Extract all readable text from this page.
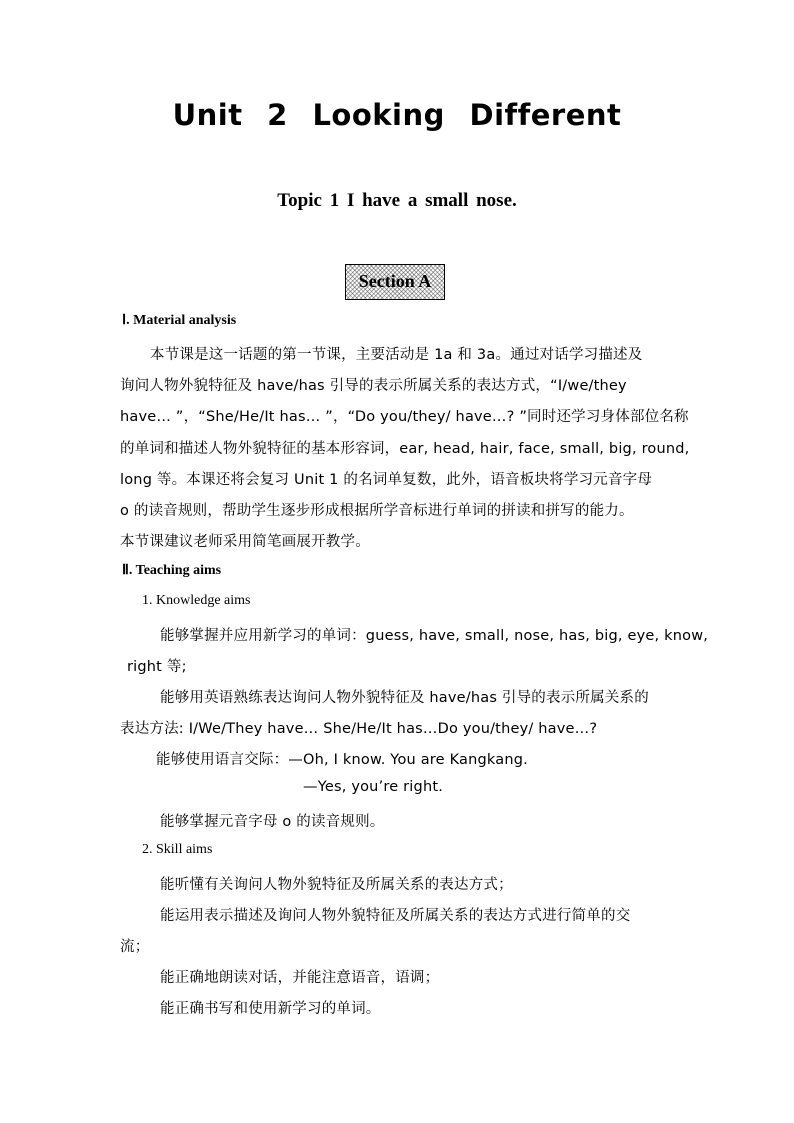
Unit 2 Looking Different
Topic 1 I have a small nose.
Section A
Ⅰ. Material analysis
本节课是这一话题的第一节课，主要活动是 1a 和 3a。通过对话学习描述及
询问人物外貌特征及 have/has 引导的表示所属关系的表达方式，“I/we/they
have… ”，“She/He/It has… ”，“Do you/they/ have…? ”同时还学习身体部位名称
的单词和描述人物外貌特征的基本形容词，ear, head, hair, face, small, big, round,
long 等。本课还将会复习 Unit 1 的名词单复数，此外，语音板块将学习元音字母
o 的读音规则，帮助学生逐步形成根据所学音标进行单词的拼读和拼写的能力。
本节课建议老师采用简笔画展开教学。
Ⅱ. Teaching aims
1. Knowledge aims
能够掌握并应用新学习的单词：guess, have, small, nose, has, big, eye, know,
right 等;
能够用英语熟练表达询问人物外貌特征及 have/has 引导的表示所属关系的
表达方法: I/We/They have… She/He/It has…Do you/they/ have…?
能够使用语言交际：—Oh, I know. You are Kangkang.
—Yes, you’re right.
能够掌握元音字母 o 的读音规则。
2. Skill aims
能听懂有关询问人物外貌特征及所属关系的表达方式；
能运用表示描述及询问人物外貌特征及所属关系的表达方式进行简单的交
流；
能正确地朗读对话，并能注意语音，语调；
能正确书写和使用新学习的单词。
